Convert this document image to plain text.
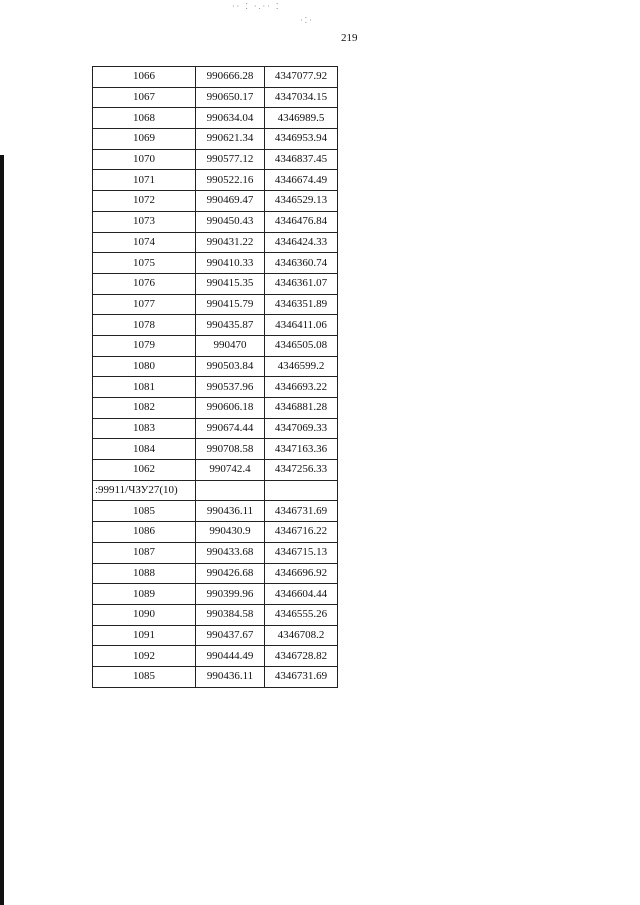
·· ⁚ ·.·· ⁚
·⁚·
219
1066	990666.28	4347077.92
1067	990650.17	4347034.15
1068	990634.04	4346989.5
1069	990621.34	4346953.94
1070	990577.12	4346837.45
1071	990522.16	4346674.49
1072	990469.47	4346529.13
1073	990450.43	4346476.84
1074	990431.22	4346424.33
1075	990410.33	4346360.74
1076	990415.35	4346361.07
1077	990415.79	4346351.89
1078	990435.87	4346411.06
1079	990470	4346505.08
1080	990503.84	4346599.2
1081	990537.96	4346693.22
1082	990606.18	4346881.28
1083	990674.44	4347069.33
1084	990708.58	4347163.36
1062	990742.4	4347256.33
:99911/ЧЗУ27(10)		
1085	990436.11	4346731.69
1086	990430.9	4346716.22
1087	990433.68	4346715.13
1088	990426.68	4346696.92
1089	990399.96	4346604.44
1090	990384.58	4346555.26
1091	990437.67	4346708.2
1092	990444.49	4346728.82
1085	990436.11	4346731.69
